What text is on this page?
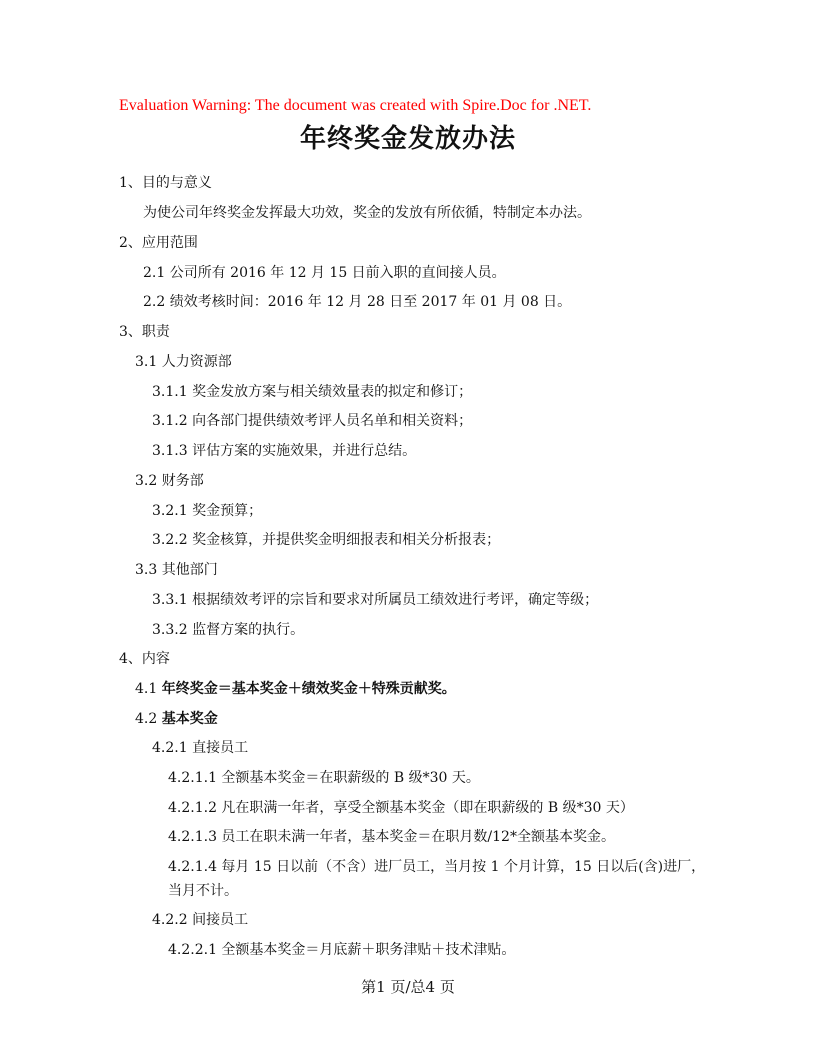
Evaluation Warning: The document was created with Spire.Doc for .NET.
年终奖金发放办法
1、目的与意义
为使公司年终奖金发挥最大功效，奖金的发放有所依循，特制定本办法。
2、应用范围
2.1 公司所有 2016 年 12 月 15 日前入职的直间接人员。
2.2 绩效考核时间：2016 年 12 月 28 日至 2017 年 01 月 08 日。
3、职责
3.1 人力资源部
3.1.1 奖金发放方案与相关绩效量表的拟定和修订；
3.1.2 向各部门提供绩效考评人员名单和相关资料；
3.1.3 评估方案的实施效果，并进行总结。
3.2 财务部
3.2.1 奖金预算；
3.2.2 奖金核算，并提供奖金明细报表和相关分析报表；
3.3 其他部门
3.3.1 根据绩效考评的宗旨和要求对所属员工绩效进行考评，确定等级；
3.3.2 监督方案的执行。
4、内容
4.1 年终奖金＝基本奖金＋绩效奖金＋特殊贡献奖。
4.2 基本奖金
4.2.1 直接员工
4.2.1.1 全额基本奖金＝在职薪级的 B 级*30 天。
4.2.1.2 凡在职满一年者，享受全额基本奖金（即在职薪级的 B 级*30 天）
4.2.1.3 员工在职未满一年者，基本奖金＝在职月数/12*全额基本奖金。
4.2.1.4 每月 15 日以前（不含）进厂员工，当月按 1 个月计算，15 日以后(含)进厂，
当月不计。
4.2.2 间接员工
4.2.2.1 全额基本奖金＝月底薪＋职务津贴＋技术津贴。
第1 页/总4 页
